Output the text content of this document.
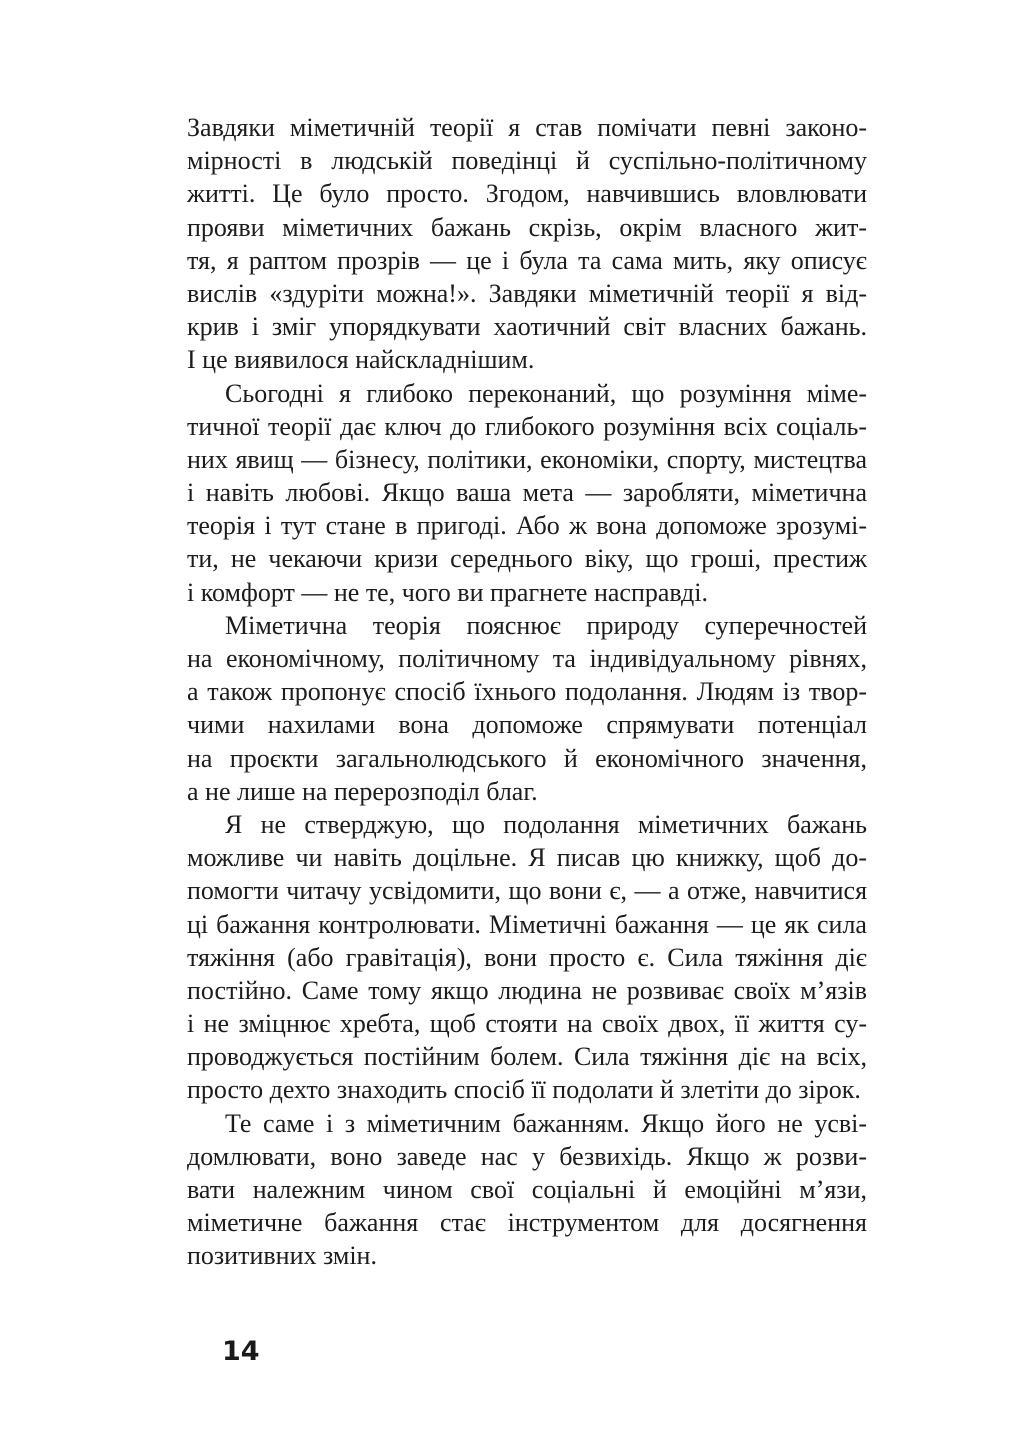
Завдяки міметичній теорії я став помічати певні законо-
мірності в людській поведінці й суспільно-політичному
житті. Це було просто. Згодом, навчившись вловлювати
прояви міметичних бажань скрізь, окрім власного жит-
тя, я раптом прозрів — це і була та сама мить, яку описує
вислів «здуріти можна!». Завдяки міметичній теорії я від-
крив і зміг упорядкувати хаотичний світ власних бажань.
І це виявилося найскладнішим.

Сьогодні я глибоко переконаний, що розуміння міме-
тичної теорії дає ключ до глибокого розуміння всіх соціаль-
них явищ — бізнесу, політики, економіки, спорту, мистецтва
і навіть любові. Якщо ваша мета — заробляти, міметична
теорія і тут стане в пригоді. Або ж вона допоможе зрозумі-
ти, не чекаючи кризи середнього віку, що гроші, престиж
і комфорт — не те, чого ви прагнете насправді.

Міметична теорія пояснює природу суперечностей
на економічному, політичному та індивідуальному рівнях,
а також пропонує спосіб їхнього подолання. Людям із твор-
чими нахилами вона допоможе спрямувати потенціал
на проєкти загальнолюдського й економічного значення,
а не лише на перерозподіл благ.

Я не стверджую, що подолання міметичних бажань
можливе чи навіть доцільне. Я писав цю книжку, щоб до-
помогти читачу усвідомити, що вони є, — а отже, навчитися
ці бажання контролювати. Міметичні бажання — це як сила
тяжіння (або гравітація), вони просто є. Сила тяжіння діє
постійно. Саме тому якщо людина не розвиває своїх м’язів
і не зміцнює хребта, щоб стояти на своїх двох, її життя су-
проводжується постійним болем. Сила тяжіння діє на всіх,
просто дехто знаходить спосіб її подолати й злетіти до зірок.

Те саме і з міметичним бажанням. Якщо його не усві-
домлювати, воно заведе нас у безвихідь. Якщо ж розви-
вати належним чином свої соціальні й емоційні м’язи,
міметичне бажання стає інструментом для досягнення
позитивних змін.

14
